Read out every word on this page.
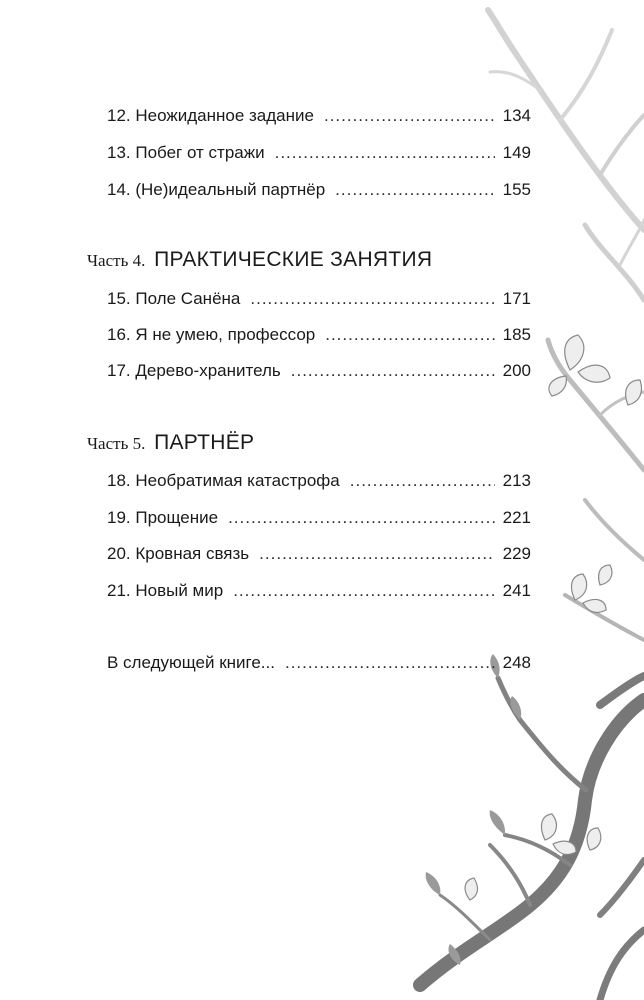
12. Неожиданное задание .....	134
13. Побег от стражи .....	149
14. (Не)идеальный партнёр .....	155
Часть 4. ПРАКТИЧЕСКИЕ ЗАНЯТИЯ
15. Поле Санёна .....	171
16. Я не умею, профессор .....	185
17. Дерево-хранитель .....	200
Часть 5. ПАРТНЁР
18. Необратимая катастрофа .....	213
19. Прощение .....	221
20. Кровная связь .....	229
21. Новый мир .....	241
В следующей книге... .....	248
